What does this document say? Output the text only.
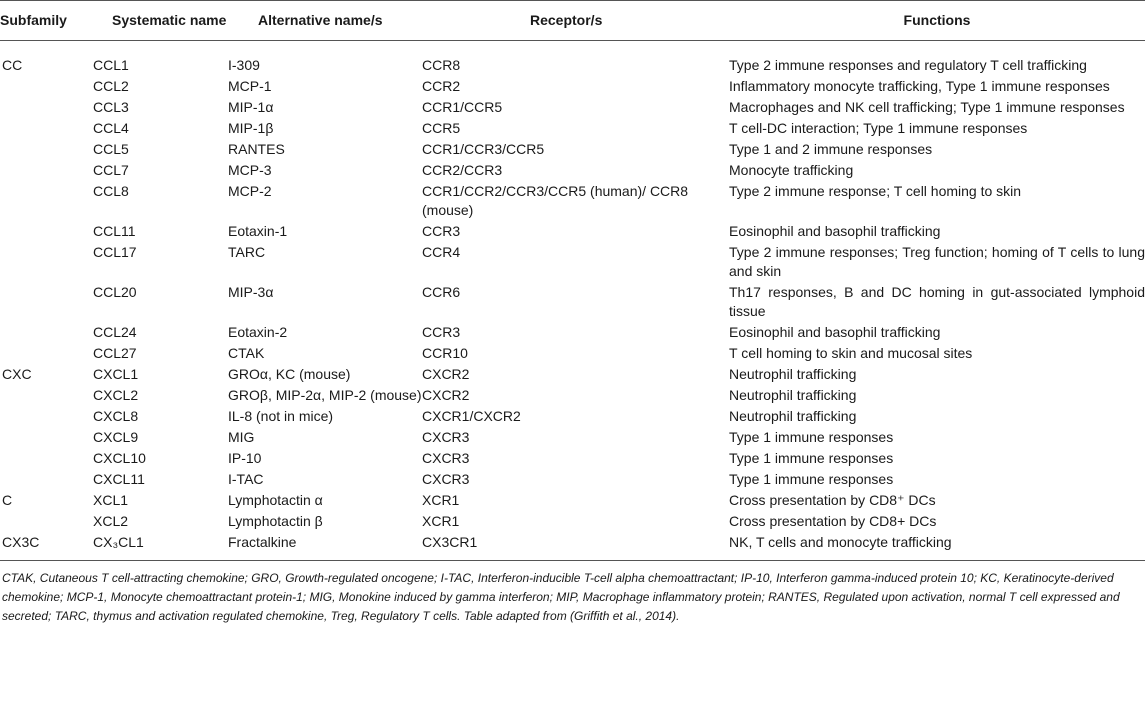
Subfamily	Systematic name	Alternative name/s	Receptor/s	Functions
CC	CCL1	I-309	CCR8	Type 2 immune responses and regulatory T cell trafficking
	CCL2	MCP-1	CCR2	Inflammatory monocyte trafficking, Type 1 immune responses
	CCL3	MIP-1α	CCR1/CCR5	Macrophages and NK cell trafficking; Type 1 immune responses
	CCL4	MIP-1β	CCR5	T cell-DC interaction; Type 1 immune responses
	CCL5	RANTES	CCR1/CCR3/CCR5	Type 1 and 2 immune responses
	CCL7	MCP-3	CCR2/CCR3	Monocyte trafficking
	CCL8	MCP-2	CCR1/CCR2/CCR3/CCR5 (human)/ CCR8 (mouse)	Type 2 immune response; T cell homing to skin
	CCL11	Eotaxin-1	CCR3	Eosinophil and basophil trafficking
	CCL17	TARC	CCR4	Type 2 immune responses; Treg function; homing of T cells to lung and skin
	CCL20	MIP-3α	CCR6	Th17 responses, B and DC homing in gut-associated lymphoid tissue
	CCL24	Eotaxin-2	CCR3	Eosinophil and basophil trafficking
	CCL27	CTAK	CCR10	T cell homing to skin and mucosal sites
CXC	CXCL1	GROα, KC (mouse)	CXCR2	Neutrophil trafficking
	CXCL2	GROβ, MIP-2α, MIP-2 (mouse)	CXCR2	Neutrophil trafficking
	CXCL8	IL-8 (not in mice)	CXCR1/CXCR2	Neutrophil trafficking
	CXCL9	MIG	CXCR3	Type 1 immune responses
	CXCL10	IP-10	CXCR3	Type 1 immune responses
	CXCL11	I-TAC	CXCR3	Type 1 immune responses
C	XCL1	Lymphotactin α	XCR1	Cross presentation by CD8⁺ DCs
	XCL2	Lymphotactin β	XCR1	Cross presentation by CD8+ DCs
CX3C	CX₃CL1	Fractalkine	CX3CR1	NK, T cells and monocyte trafficking
CTAK, Cutaneous T cell-attracting chemokine; GRO, Growth-regulated oncogene; I-TAC, Interferon-inducible T-cell alpha chemoattractant; IP-10, Interferon gamma-induced protein 10; KC, Keratinocyte-derived chemokine; MCP-1, Monocyte chemoattractant protein-1; MIG, Monokine induced by gamma interferon; MIP, Macrophage inflammatory protein; RANTES, Regulated upon activation, normal T cell expressed and secreted; TARC, thymus and activation regulated chemokine, Treg, Regulatory T cells. Table adapted from (Griffith et al., 2014).
